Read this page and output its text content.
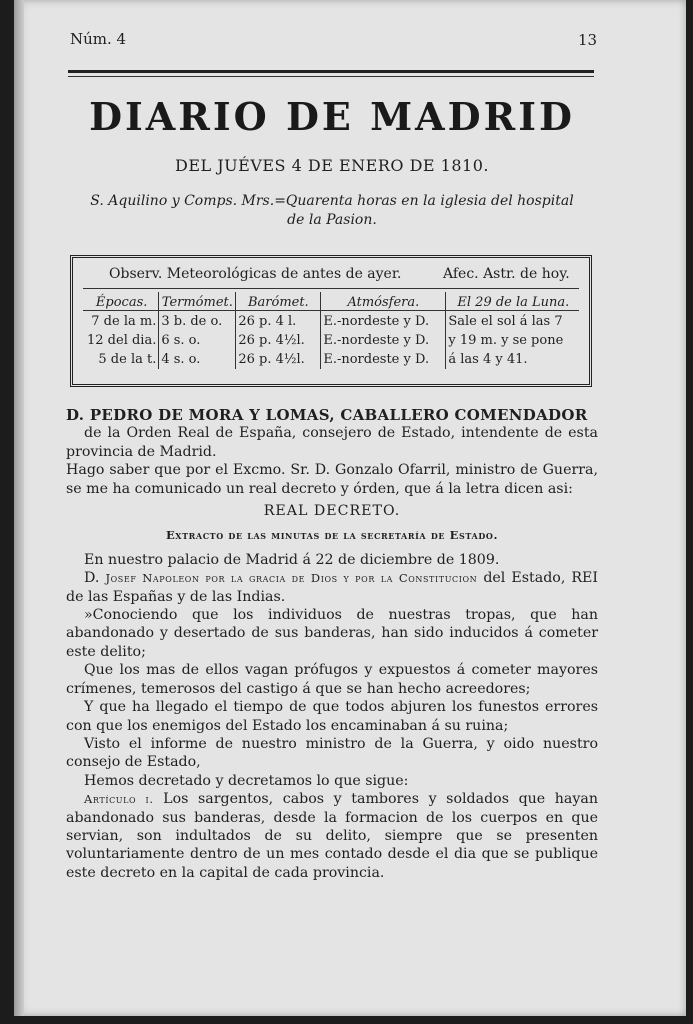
Núm. 4	13
DIARIO DE MADRID
DEL JUÉVES 4 DE ENERO DE 1810.
S. Aquilino y Comps. Mrs.=Quarenta horas en la iglesia del hospital
de la Pasion.
Observ. Meteorológicas de antes de ayer.	Afec. Astr. de hoy.
Épocas.	Termómet.	Barómet.	Atmósfera.	El 29 de la Luna.
7 de la m.	3 b. de o.	26 p. 4 l.	E.-nordeste y D.	Sale el sol á las 7
12 del dia.	6 s. o.	26 p. 4½l.	E.-nordeste y D.	y 19 m. y se pone
5 de la t.	4 s. o.	26 p. 4½l.	E.-nordeste y D.	á las 4 y 41.

D. PEDRO DE MORA Y LOMAS, CABALLERO COMENDADOR

de la Orden Real de España, consejero de Estado, intendente de esta provincia de Madrid.

Hago saber que por el Excmo. Sr. D. Gonzalo Ofarril, ministro de Guerra, se me ha comunicado un real decreto y órden, que á la letra dicen asi:

REAL DECRETO.

Extracto de las minutas de la secretaría de Estado.

En nuestro palacio de Madrid á 22 de diciembre de 1809.

D. Josef Napoleon por la gracia de Dios y por la Constitucion del Estado, REI de las Españas y de las Indias.

»Conociendo que los individuos de nuestras tropas, que han abandonado y desertado de sus banderas, han sido inducidos á cometer este delito;

Que los mas de ellos vagan prófugos y expuestos á cometer mayores crímenes, temerosos del castigo á que se han hecho acreedores;

Y que ha llegado el tiempo de que todos abjuren los funestos errores con que los enemigos del Estado los encaminaban á su ruina;

Visto el informe de nuestro ministro de la Guerra, y oido nuestro consejo de Estado,

Hemos decretado y decretamos lo que sigue:

Artículo i. Los sargentos, cabos y tambores y soldados que hayan abandonado sus banderas, desde la formacion de los cuerpos en que servian, son indultados de su delito, siempre que se presenten voluntariamente dentro de un mes contado desde el dia que se publique este decreto en la capital de cada provincia.
